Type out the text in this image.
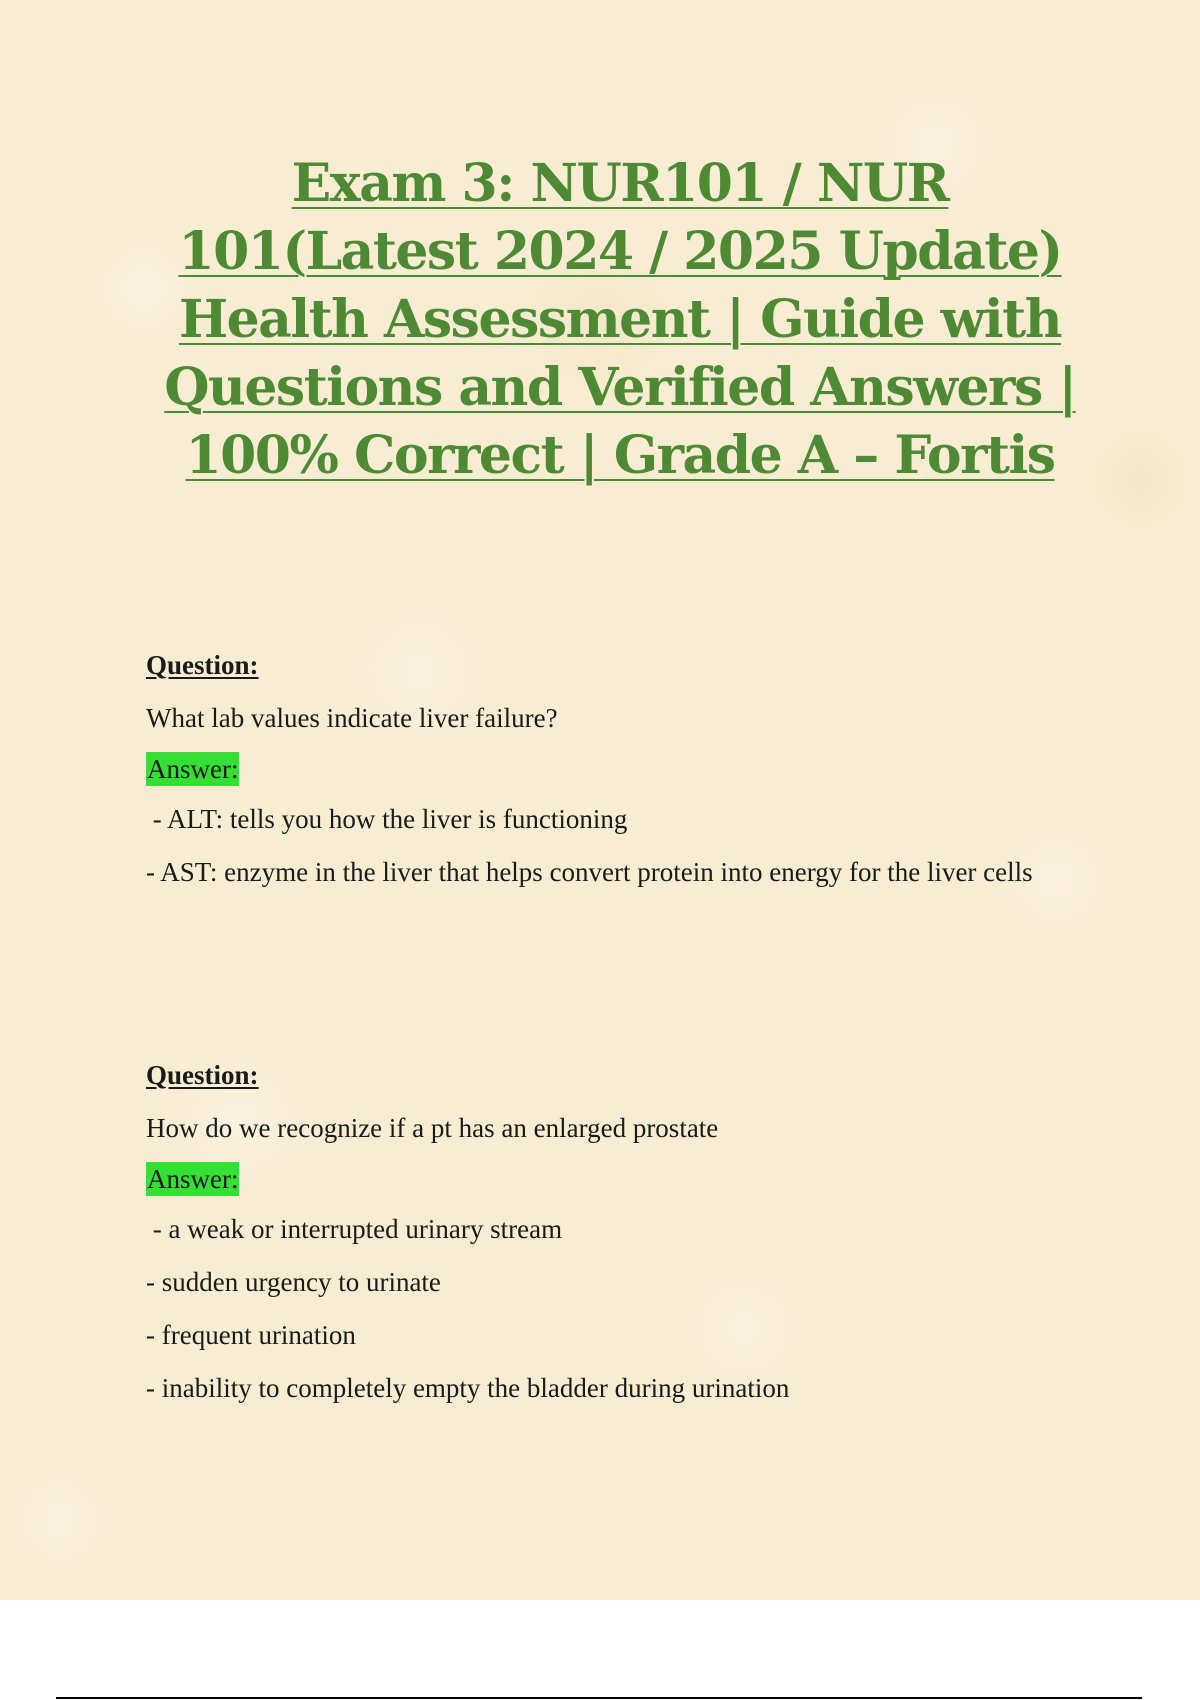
Exam 3: NUR101 / NUR 101(Latest 2024 / 2025 Update) Health Assessment | Guide with Questions and Verified Answers | 100% Correct | Grade A – Fortis
Question:
What lab values indicate liver failure?
Answer:
- ALT: tells you how the liver is functioning
- AST: enzyme in the liver that helps convert protein into energy for the liver cells
Question:
How do we recognize if a pt has an enlarged prostate
Answer:
- a weak or interrupted urinary stream
- sudden urgency to urinate
- frequent urination
- inability to completely empty the bladder during urination
